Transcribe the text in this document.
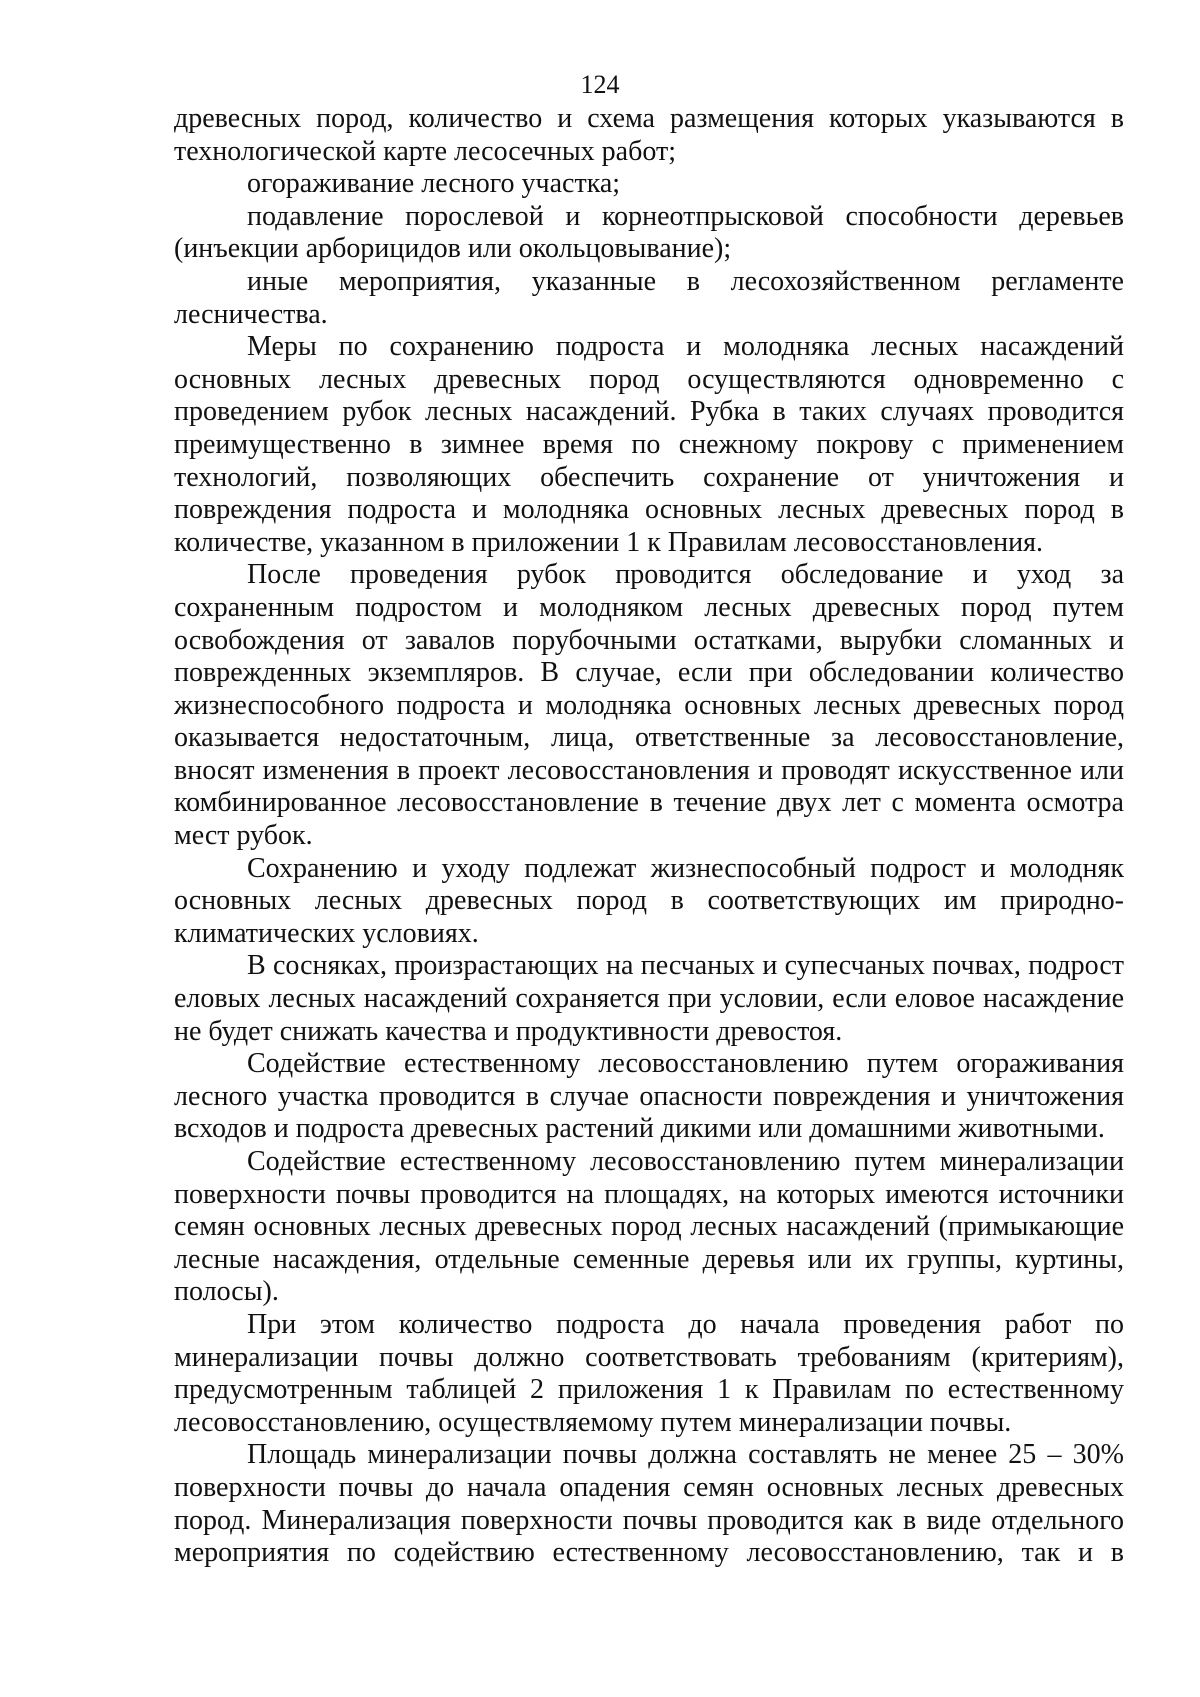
124

древесных пород, количество и схема размещения которых указываются в технологической карте лесосечных работ;

огораживание лесного участка;

подавление порослевой и корнеотпрысковой способности деревьев (инъекции арборицидов или окольцовывание);

иные мероприятия, указанные в лесохозяйственном регламенте лесничества.

Меры по сохранению подроста и молодняка лесных насаждений основных лесных древесных пород осуществляются одновременно с проведением рубок лесных насаждений. Рубка в таких случаях проводится преимущественно в зимнее время по снежному покрову с применением технологий, позволяющих обеспечить сохранение от уничтожения и повреждения подроста и молодняка основных лесных древесных пород в количестве, указанном в приложении 1 к Правилам лесовосстановления.

После проведения рубок проводится обследование и уход за сохраненным подростом и молодняком лесных древесных пород путем освобождения от завалов порубочными остатками, вырубки сломанных и поврежденных экземпляров. В случае, если при обследовании количество жизнеспособного подроста и молодняка основных лесных древесных пород оказывается недостаточным, лица, ответственные за лесовосстановление, вносят изменения в проект лесовосстановления и проводят искусственное или комбинированное лесовосстановление в течение двух лет с момента осмотра мест рубок.

Сохранению и уходу подлежат жизнеспособный подрост и молодняк основных лесных древесных пород в соответствующих им природно-климатических условиях.

В сосняках, произрастающих на песчаных и супесчаных почвах, подрост еловых лесных насаждений сохраняется при условии, если еловое насаждение не будет снижать качества и продуктивности древостоя.

Содействие естественному лесовосстановлению путем огораживания лесного участка проводится в случае опасности повреждения и уничтожения всходов и подроста древесных растений дикими или домашними животными.

Содействие естественному лесовосстановлению путем минерализации поверхности почвы проводится на площадях, на которых имеются источники семян основных лесных древесных пород лесных насаждений (примыкающие лесные насаждения, отдельные семенные деревья или их группы, куртины, полосы).

При этом количество подроста до начала проведения работ по минерализации почвы должно соответствовать требованиям (критериям), предусмотренным таблицей 2 приложения 1 к Правилам по естественному лесовосстановлению, осуществляемому путем минерализации почвы.

Площадь минерализации почвы должна составлять не менее 25 – 30% поверхности почвы до начала опадения семян основных лесных древесных пород. Минерализация поверхности почвы проводится как в виде отдельного мероприятия по содействию естественному лесовосстановлению, так и в
